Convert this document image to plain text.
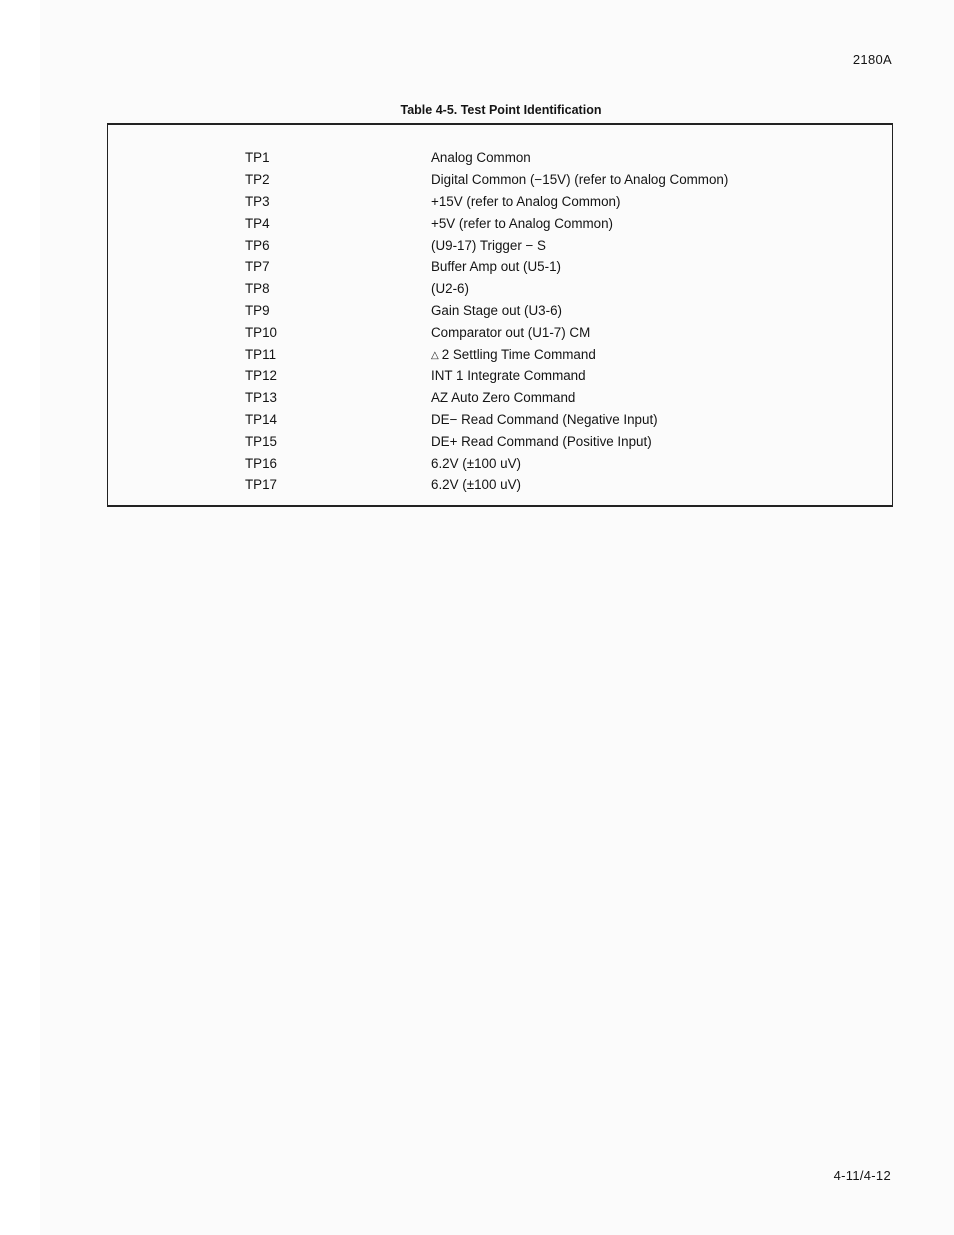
2180A
Table 4-5. Test Point Identification
TP1	Analog Common
TP2	Digital Common (−15V) (refer to Analog Common)
TP3	+15V (refer to Analog Common)
TP4	+5V (refer to Analog Common)
TP6	(U9-17) Trigger − S
TP7	Buffer Amp out (U5-1)
TP8	(U2-6)
TP9	Gain Stage out (U3-6)
TP10	Comparator out (U1-7) CM
TP11	△ 2 Settling Time Command
TP12	INT 1 Integrate Command
TP13	AZ Auto Zero Command
TP14	DE− Read Command (Negative Input)
TP15	DE+ Read Command (Positive Input)
TP16	6.2V (±100 uV)
TP17	6.2V (±100 uV)
4-11/4-12
